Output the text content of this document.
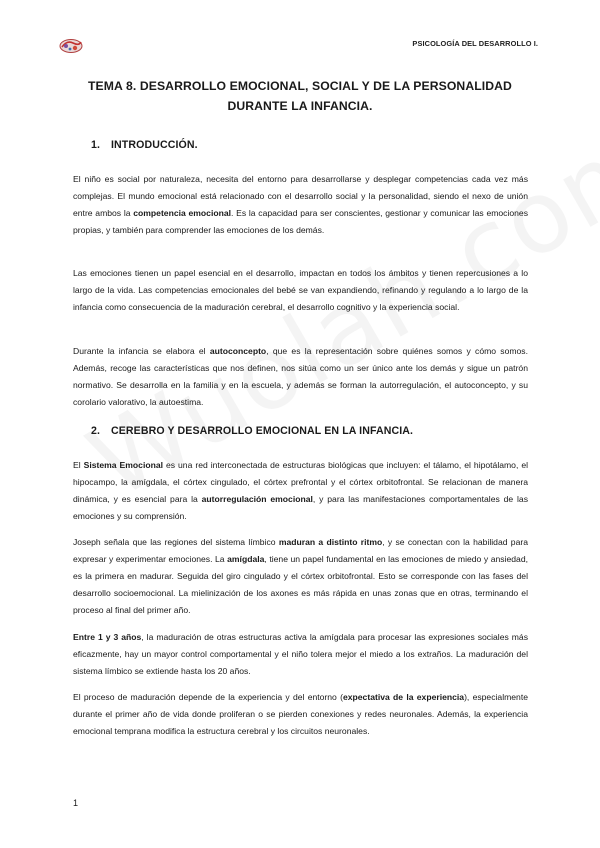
PSICOLOGÍA DEL DESARROLLO I.
TEMA 8. DESARROLLO EMOCIONAL, SOCIAL Y DE LA PERSONALIDAD
DURANTE LA INFANCIA.
1. INTRODUCCIÓN.
El niño es social por naturaleza, necesita del entorno para desarrollarse y desplegar competencias cada vez más complejas. El mundo emocional está relacionado con el desarrollo social y la personalidad, siendo el nexo de unión entre ambos la competencia emocional. Es la capacidad para ser conscientes, gestionar y comunicar las emociones propias, y también para comprender las emociones de los demás.
Las emociones tienen un papel esencial en el desarrollo, impactan en todos los ámbitos y tienen repercusiones a lo largo de la vida. Las competencias emocionales del bebé se van expandiendo, refinando y regulando a lo largo de la infancia como consecuencia de la maduración cerebral, el desarrollo cognitivo y la experiencia social.
Durante la infancia se elabora el autoconcepto, que es la representación sobre quiénes somos y cómo somos. Además, recoge las características que nos definen, nos sitúa como un ser único ante los demás y sigue un patrón normativo. Se desarrolla en la familia y en la escuela, y además se forman la autorregulación, el autoconcepto, y su corolario valorativo, la autoestima.
2. CEREBRO Y DESARROLLO EMOCIONAL EN LA INFANCIA.
El Sistema Emocional es una red interconectada de estructuras biológicas que incluyen: el tálamo, el hipotálamo, el hipocampo, la amígdala, el córtex cingulado, el córtex prefrontal y el córtex orbitofrontal. Se relacionan de manera dinámica, y es esencial para la autorregulación emocional, y para las manifestaciones comportamentales de las emociones y su comprensión.
Joseph señala que las regiones del sistema límbico maduran a distinto ritmo, y se conectan con la habilidad para expresar y experimentar emociones. La amígdala, tiene un papel fundamental en las emociones de miedo y ansiedad, es la primera en madurar. Seguida del giro cingulado y el córtex orbitofrontal. Esto se corresponde con las fases del desarrollo socioemocional. La mielinización de los axones es más rápida en unas zonas que en otras, terminando el proceso al final del primer año.
Entre 1 y 3 años, la maduración de otras estructuras activa la amígdala para procesar las expresiones sociales más eficazmente, hay un mayor control comportamental y el niño tolera mejor el miedo a los extraños. La maduración del sistema límbico se extiende hasta los 20 años.
El proceso de maduración depende de la experiencia y del entorno (expectativa de la experiencia), especialmente durante el primer año de vida donde proliferan o se pierden conexiones y redes neuronales. Además, la experiencia emocional temprana modifica la estructura cerebral y los circuitos neuronales.
1
